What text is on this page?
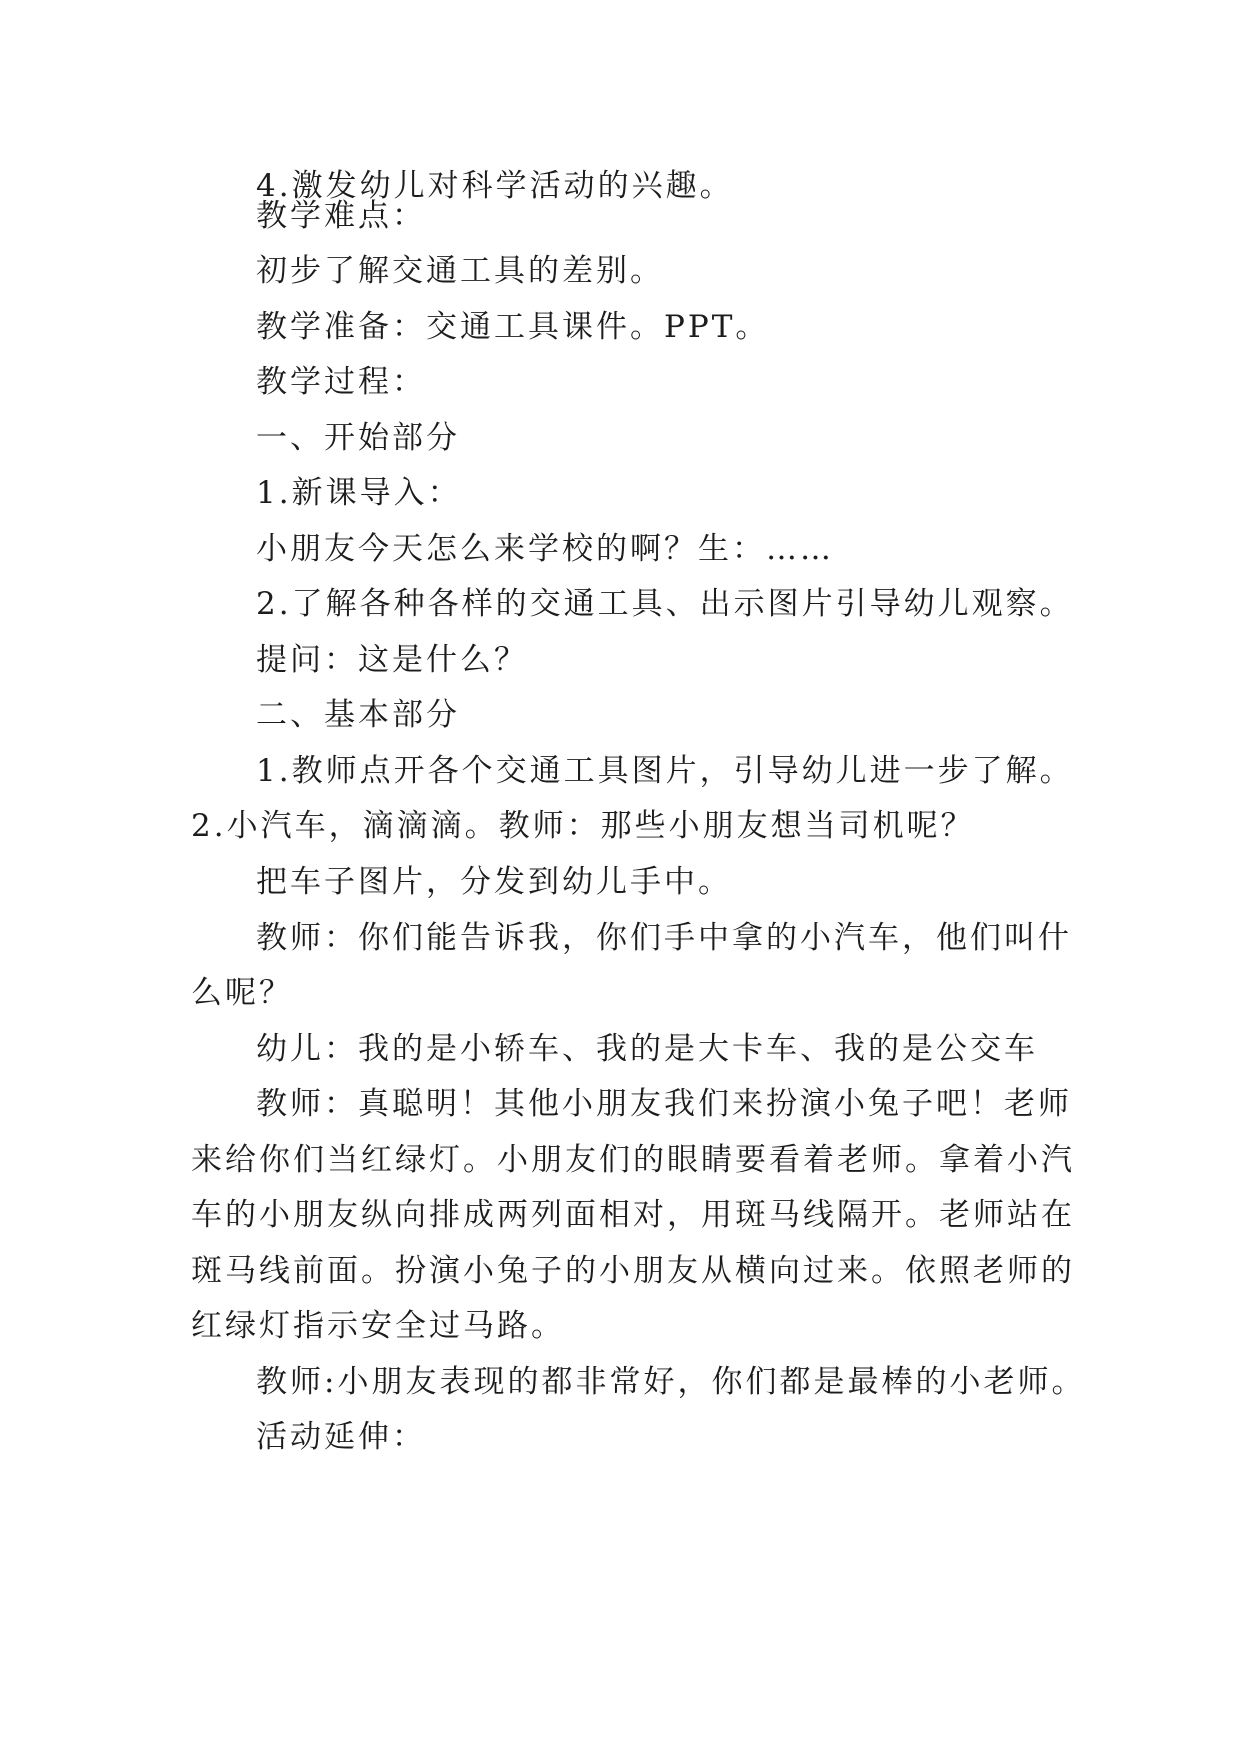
4.激发幼儿对科学活动的兴趣。
教学难点：
初步了解交通工具的差别。
教学准备：交通工具课件。PPT。
教学过程：
一、开始部分
1.新课导入：
小朋友今天怎么来学校的啊？生：……
2.了解各种各样的交通工具、出示图片引导幼儿观察。
提问：这是什么？
二、基本部分
1.教师点开各个交通工具图片，引导幼儿进一步了解。
2.小汽车，滴滴滴。教师：那些小朋友想当司机呢？
把车子图片，分发到幼儿手中。
教师：你们能告诉我，你们手中拿的小汽车，他们叫什
么呢？
幼儿：我的是小轿车、我的是大卡车、我的是公交车
教师：真聪明！其他小朋友我们来扮演小兔子吧！老师
来给你们当红绿灯。小朋友们的眼睛要看着老师。拿着小汽
车的小朋友纵向排成两列面相对，用斑马线隔开。老师站在
斑马线前面。扮演小兔子的小朋友从横向过来。依照老师的
红绿灯指示安全过马路。
教师:小朋友表现的都非常好，你们都是最棒的小老师。
活动延伸：
